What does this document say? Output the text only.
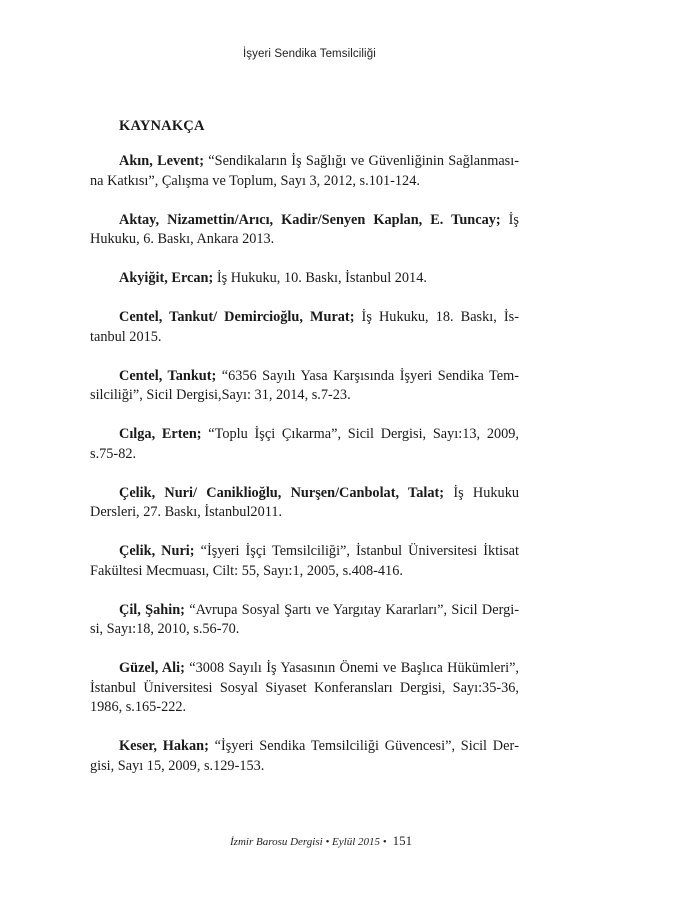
İşyeri Sendika Temsilciliği
KAYNAKÇA

Akın, Levent; “Sendikaların İş Sağlığı ve Güvenliğinin Sağlanmasına Katkısı”, Çalışma ve Toplum, Sayı 3, 2012, s.101-124.

Aktay, Nizamettin/Arıcı, Kadir/Senyen Kaplan, E. Tuncay; İş Hukuku, 6. Baskı, Ankara 2013.

Akyiğit, Ercan; İş Hukuku, 10. Baskı, İstanbul 2014.

Centel, Tankut/ Demircioğlu, Murat; İş Hukuku, 18. Baskı, İstanbul 2015.

Centel, Tankut; “6356 Sayılı Yasa Karşısında İşyeri Sendika Temsilciliği”, Sicil Dergisi,Sayı: 31, 2014, s.7-23.

Cılga, Erten; “Toplu İşçi Çıkarma”, Sicil Dergisi, Sayı:13, 2009, s.75-82.

Çelik, Nuri/ Caniklioğlu, Nurşen/Canbolat, Talat; İş Hukuku Dersleri, 27. Baskı, İstanbul2011.

Çelik, Nuri; “İşyeri İşçi Temsilciliği”, İstanbul Üniversitesi İktisat Fakültesi Mecmuası, Cilt: 55, Sayı:1, 2005, s.408-416.

Çil, Şahin; “Avrupa Sosyal Şartı ve Yargıtay Kararları”, Sicil Dergisi, Sayı:18, 2010, s.56-70.

Güzel, Ali; “3008 Sayılı İş Yasasının Önemi ve Başlıca Hükümleri”, İstanbul Üniversitesi Sosyal Siyaset Konferansları Dergisi, Sayı:35-36, 1986, s.165-222.

Keser, Hakan; “İşyeri Sendika Temsilciliği Güvencesi”, Sicil Dergisi, Sayı 15, 2009, s.129-153.

İzmir Barosu Dergisi • Eylül 2015 • 151
